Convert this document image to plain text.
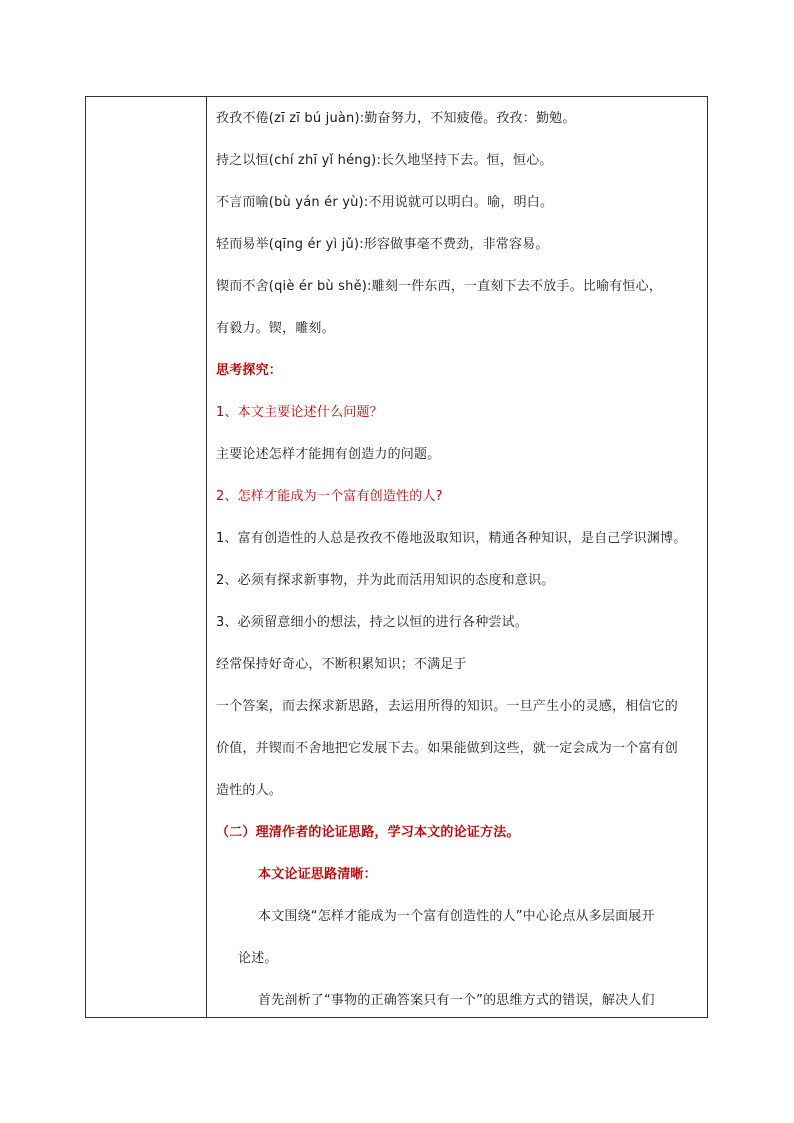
孜孜不倦(zī zī bú juàn):勤奋努力，不知疲倦。孜孜：勤勉。
持之以恒(chí zhī yǐ héng):长久地坚持下去。恒，恒心。
不言而喻(bù yán ér yù):不用说就可以明白。喻，明白。
轻而易举(qīng ér yì jǔ):形容做事毫不费劲，非常容易。
锲而不舍(qiè ér bù shě):雕刻一件东西，一直刻下去不放手。比喻有恒心，
有毅力。锲，雕刻。
思考探究：
1、本文主要论述什么问题？
主要论述怎样才能拥有创造力的问题。
2、怎样才能成为一个富有创造性的人?
1、富有创造性的人总是孜孜不倦地汲取知识，精通各种知识，是自己学识渊博。
2、必须有探求新事物，并为此而活用知识的态度和意识。
3、必须留意细小的想法，持之以恒的进行各种尝试。
经常保持好奇心，不断积累知识；不满足于
一个答案，而去探求新思路，去运用所得的知识。一旦产生小的灵感，相信它的
价值，并锲而不舍地把它发展下去。如果能做到这些，就一定会成为一个富有创
造性的人。
（二）理清作者的论证思路，学习本文的论证方法。
本文论证思路清晰：
本文围绕“怎样才能成为一个富有创造性的人”中心论点从多层面展开
论述。
首先剖析了“事物的正确答案只有一个”的思维方式的错误，解决人们
